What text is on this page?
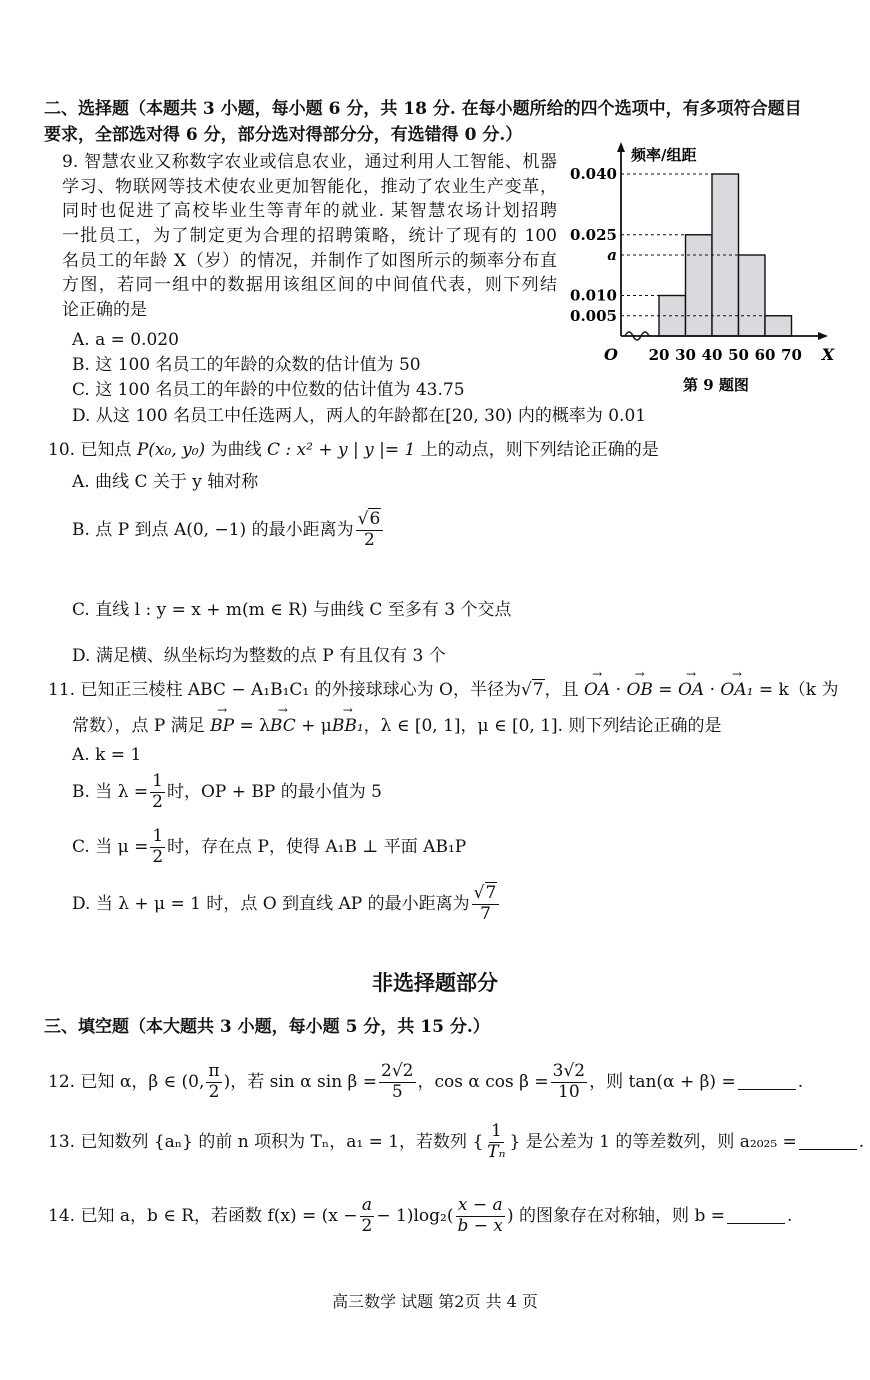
二、选择题（本题共 3 小题，每小题 6 分，共 18 分. 在每小题所给的四个选项中，有多项符合题目
要求，全部选对得 6 分，部分选对得部分分，有选错得 0 分.）

9. 智慧农业又称数字农业或信息农业，通过利用人工智能、机器

学习、物联网等技术使农业更加智能化，推动了农业生产变革，

同时也促进了高校毕业生等青年的就业. 某智慧农场计划招聘

一批员工，为了制定更为合理的招聘策略，统计了现有的 100

名员工的年龄 X（岁）的情况，并制作了如图所示的频率分布直

方图，若同一组中的数据用该组区间的中间值代表，则下列结

论正确的是

A. a = 0.020
B. 这 100 名员工的年龄的众数的估计值为 50
C. 这 100 名员工的年龄的中位数的估计值为 43.75
D. 从这 100 名员工中任选两人，两人的年龄都在[20, 30) 内的概率为 0.01
0.040
0.025
a
0.010
0.005
20 30 40 50 60 70
O	X
频率/组距
第 9 题图
10. 已知点 P(x₀, y₀) 为曲线 C : x² + y | y |= 1 上的动点，则下列结论正确的是
A. 曲线 C 关于 y 轴对称
B. 点 P 到点 A(0, −1) 的最小距离为 $\frac{√6}{2}$
C. 直线 l : y = x + m(m ∈ R) 与曲线 C 至多有 3 个交点
D. 满足横、纵坐标均为整数的点 P 有且仅有 3 个
11. 已知正三棱柱 ABC − A₁B₁C₁ 的外接球球心为 O，半径为√7，且 → OA · → OB = → OA · → OA₁ = k（k 为
常数），点 P 满足 → BP = λ→ BC + μ→ BB₁，λ ∈ [0, 1]，μ ∈ [0, 1]. 则下列结论正确的是
A. k = 1
B. 当 $\lambda = \frac{1}{2}$ 时，OP + BP 的最小值为 5
C. 当 $\mu = \frac{1}{2}$ 时，存在点 P，使得 A₁B ⊥ 平面 AB₁P
D. 当 λ + μ = 1 时，点 O 到直线 AP 的最小距离为 $\frac{√7}{7}$
非选择题部分
三、填空题（本大题共 3 小题，每小题 5 分，共 15 分.）
12. 已知 α，β ∈ (0, $\frac{\pi}{2}$ )，若 sin α $\sin \beta = \frac{2√2}{5}$ ，cos α $\cos \beta = \frac{3√2}{10}$ ，则 tan(α + β) =	.
13. 已知数列 {aₙ} 的前 n 项积为 Tₙ，a₁ = 1，若数列 { $\frac{1}{\text{Tₙ}}$ } 是公差为 1 的等差数列，则 a₂₀₂₅ =	.
14. 已知 a，b ∈ R，若函数 $f(x) = (x - \frac{a}{2} - 1)\log_2( \frac{x - a}{b - x}$ ) 的图象存在对称轴，则 b =	.
高三数学 试题 第2页 共 4 页
